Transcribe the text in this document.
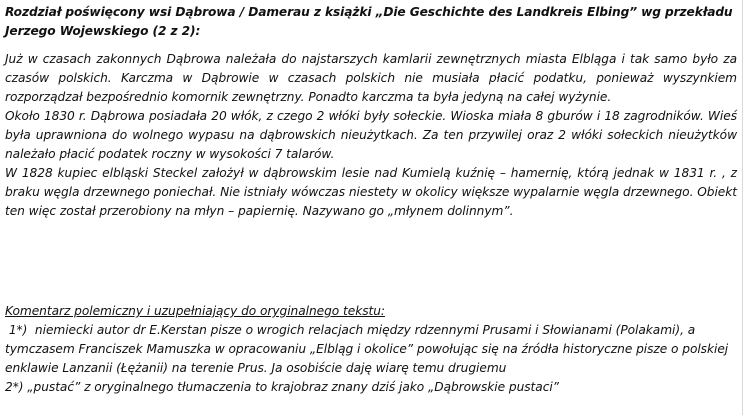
Rozdział poświęcony wsi Dąbrowa / Damerau z książki „Die Geschichte des Landkreis Elbing” wg przekładu Jerzego Wojewskiego (2 z 2):

Już w czasach zakonnych Dąbrowa należała do najstarszych kamlarii zewnętrznych miasta Elbląga i tak samo było za czasów polskich. Karczma w Dąbrowie w czasach polskich nie musiała płacić podatku, ponieważ wyszynkiem rozporządzał bezpośrednio komornik zewnętrzny. Ponadto karczma ta była jedyną na całej wyżynie.

Około 1830 r. Dąbrowa posiadała 20 włók, z czego 2 włóki były sołeckie. Wioska miała 8 gburów i 18 zagrodników. Wieś była uprawniona do wolnego wypasu na dąbrowskich nieużytkach. Za ten przywilej oraz 2 włóki sołeckich nieużytków należało płacić podatek roczny w wysokości 7 talarów.

W 1828 kupiec elbląski Steckel założył w dąbrowskim lesie nad Kumielą kuźnię – hamernię, którą jednak w 1831 r. , z braku węgla drzewnego poniechał. Nie istniały wówczas niestety w okolicy większe wypalarnie węgla drzewnego. Obiekt ten więc został przerobiony na młyn – papiernię. Nazywano go „młynem dolinnym”.

Komentarz polemiczny i uzupełniający do oryginalnego tekstu:

1*)  niemiecki autor dr E.Kerstan pisze o wrogich relacjach między rdzennymi Prusami i Słowianami (Polakami), a tymczasem Franciszek Mamuszka w opracowaniu „Elbląg i okolice” powołując się na źródła historyczne pisze o polskiej enklawie Lanzanii (Łężanii) na terenie Prus. Ja osobiście daję wiarę temu drugiemu

2*) „pustać” z oryginalnego tłumaczenia to krajobraz znany dziś jako „Dąbrowskie pustaci”
